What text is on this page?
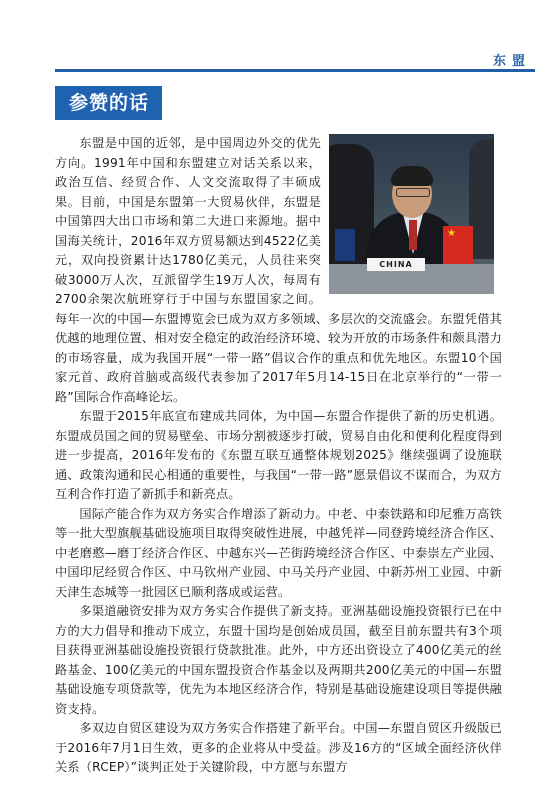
东盟
参赞的话
★
CHINA

东盟是中国的近邻，是中国周边外交的优先方向。1991年中国和东盟建立对话关系以来，政治互信、经贸合作、人文交流取得了丰硕成果。目前，中国是东盟第一大贸易伙伴，东盟是中国第四大出口市场和第二大进口来源地。据中国海关统计，2016年双方贸易额达到4522亿美元，双向投资累计达1780亿美元，人员往来突破3000万人次，互派留学生19万人次，每周有2700余架次航班穿行于中国与东盟国家之间。每年一次的中国—东盟博览会已成为双方多领域、多层次的交流盛会。东盟凭借其优越的地理位置、相对安全稳定的政治经济环境、较为开放的市场条件和颇具潜力的市场容量，成为我国开展“一带一路”倡议合作的重点和优先地区。东盟10个国家元首、政府首脑或高级代表参加了2017年5月14-15日在北京举行的“一带一路”国际合作高峰论坛。

东盟于2015年底宣布建成共同体，为中国—东盟合作提供了新的历史机遇。东盟成员国之间的贸易壁垒、市场分割被逐步打破，贸易自由化和便利化程度得到进一步提高，2016年发布的《东盟互联互通整体规划2025》继续强调了设施联通、政策沟通和民心相通的重要性，与我国“一带一路”愿景倡议不谋而合，为双方互利合作打造了新抓手和新亮点。

国际产能合作为双方务实合作增添了新动力。中老、中泰铁路和印尼雅万高铁等一批大型旗舰基础设施项目取得突破性进展，中越凭祥—同登跨境经济合作区、中老磨憨—磨丁经济合作区、中越东兴—芒街跨境经济合作区、中泰崇左产业园、中国印尼经贸合作区、中马钦州产业园、中马关丹产业园、中新苏州工业园、中新天津生态城等一批园区已顺利落成或运营。

多渠道融资安排为双方务实合作提供了新支持。亚洲基础设施投资银行已在中方的大力倡导和推动下成立，东盟十国均是创始成员国，截至目前东盟共有3个项目获得亚洲基础设施投资银行贷款批准。此外，中方还出资设立了400亿美元的丝路基金、100亿美元的中国东盟投资合作基金以及两期共200亿美元的中国—东盟基础设施专项贷款等，优先为本地区经济合作，特别是基础设施建设项目等提供融资支持。

多双边自贸区建设为双方务实合作搭建了新平台。中国—东盟自贸区升级版已于2016年7月1日生效，更多的企业将从中受益。涉及16方的“区域全面经济伙伴关系（RCEP）”谈判正处于关键阶段，中方愿与东盟方
